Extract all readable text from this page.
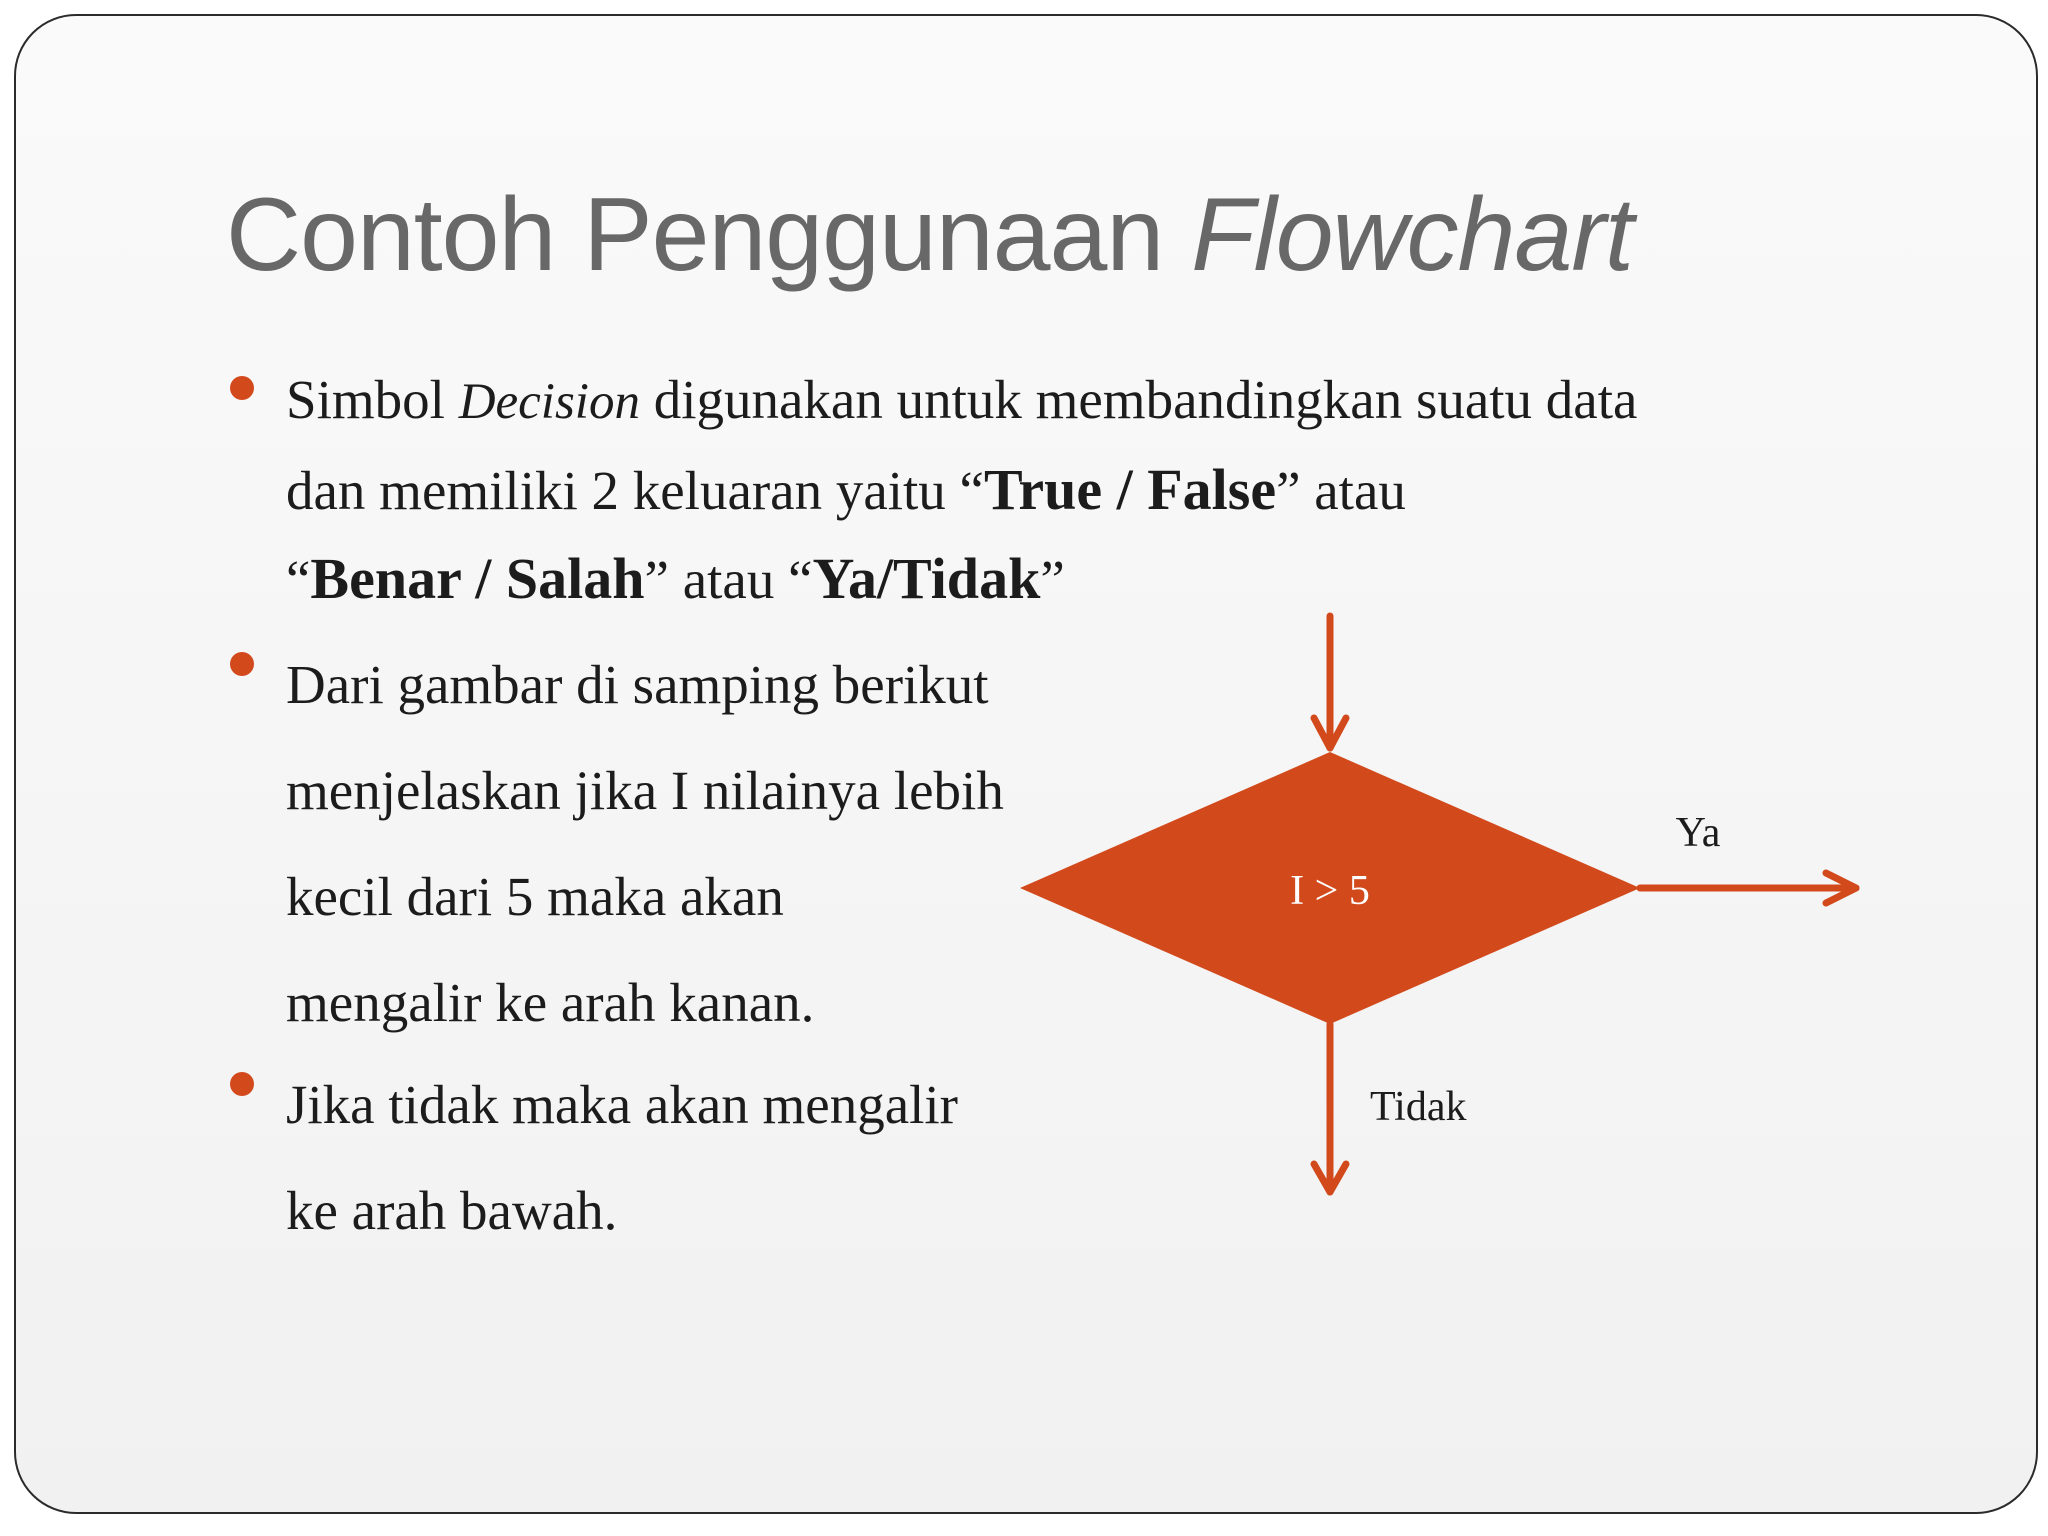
Contoh Penggunaan Flowchart
Simbol Decision digunakan untuk membandingkan suatu data
dan memiliki 2 keluaran yaitu “True / False” atau
“Benar / Salah” atau “Ya/Tidak”
Dari gambar di samping berikut
menjelaskan jika I nilainya lebih
kecil dari 5 maka akan
mengalir ke arah kanan.
Jika tidak maka akan mengalir
ke arah bawah.
I > 5
Ya
Tidak
